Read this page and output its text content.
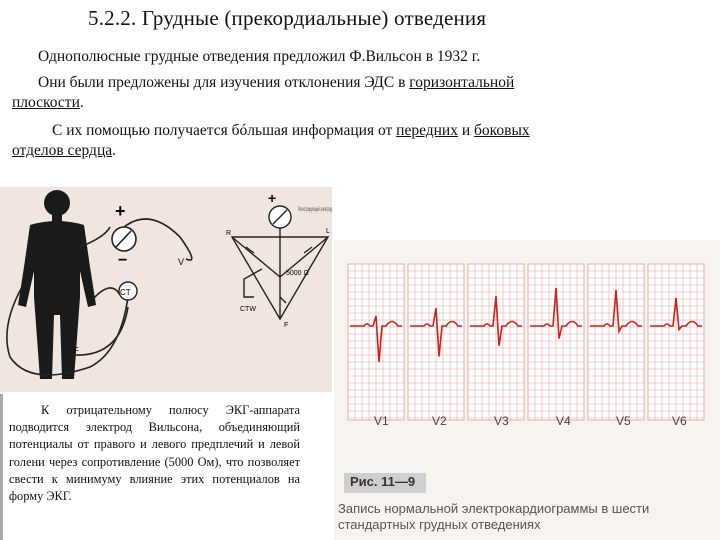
5.2.2. Грудные (прекордиальные) отведения
Однополюсные грудные отведения предложил Ф.Вильсон в 1932 г.
Они были предложены для изучения отклонения ЭДС в горизонтальной
плоскости.
С их помощью получается бóльшая информация от передних и боковых
отделов сердца.
CT
+
−	V
F
+
R	L
F
CTW
5000 Ω
Регистрирующий электрод

К отрицательному полюсу ЭКГ-аппарата подводится электрод Вильсона, объединяющий потенциалы от правого и левого предплечий и левой голени через сопротивление (5000 Ом), что позволяет свести к минимуму влияние этих потенциалов на форму ЭКГ.

V1	V2	V3	V4	V5	V6
Рис. 11—9
Запись нормальной электрокардиограммы в шести стандартных грудных отведениях
